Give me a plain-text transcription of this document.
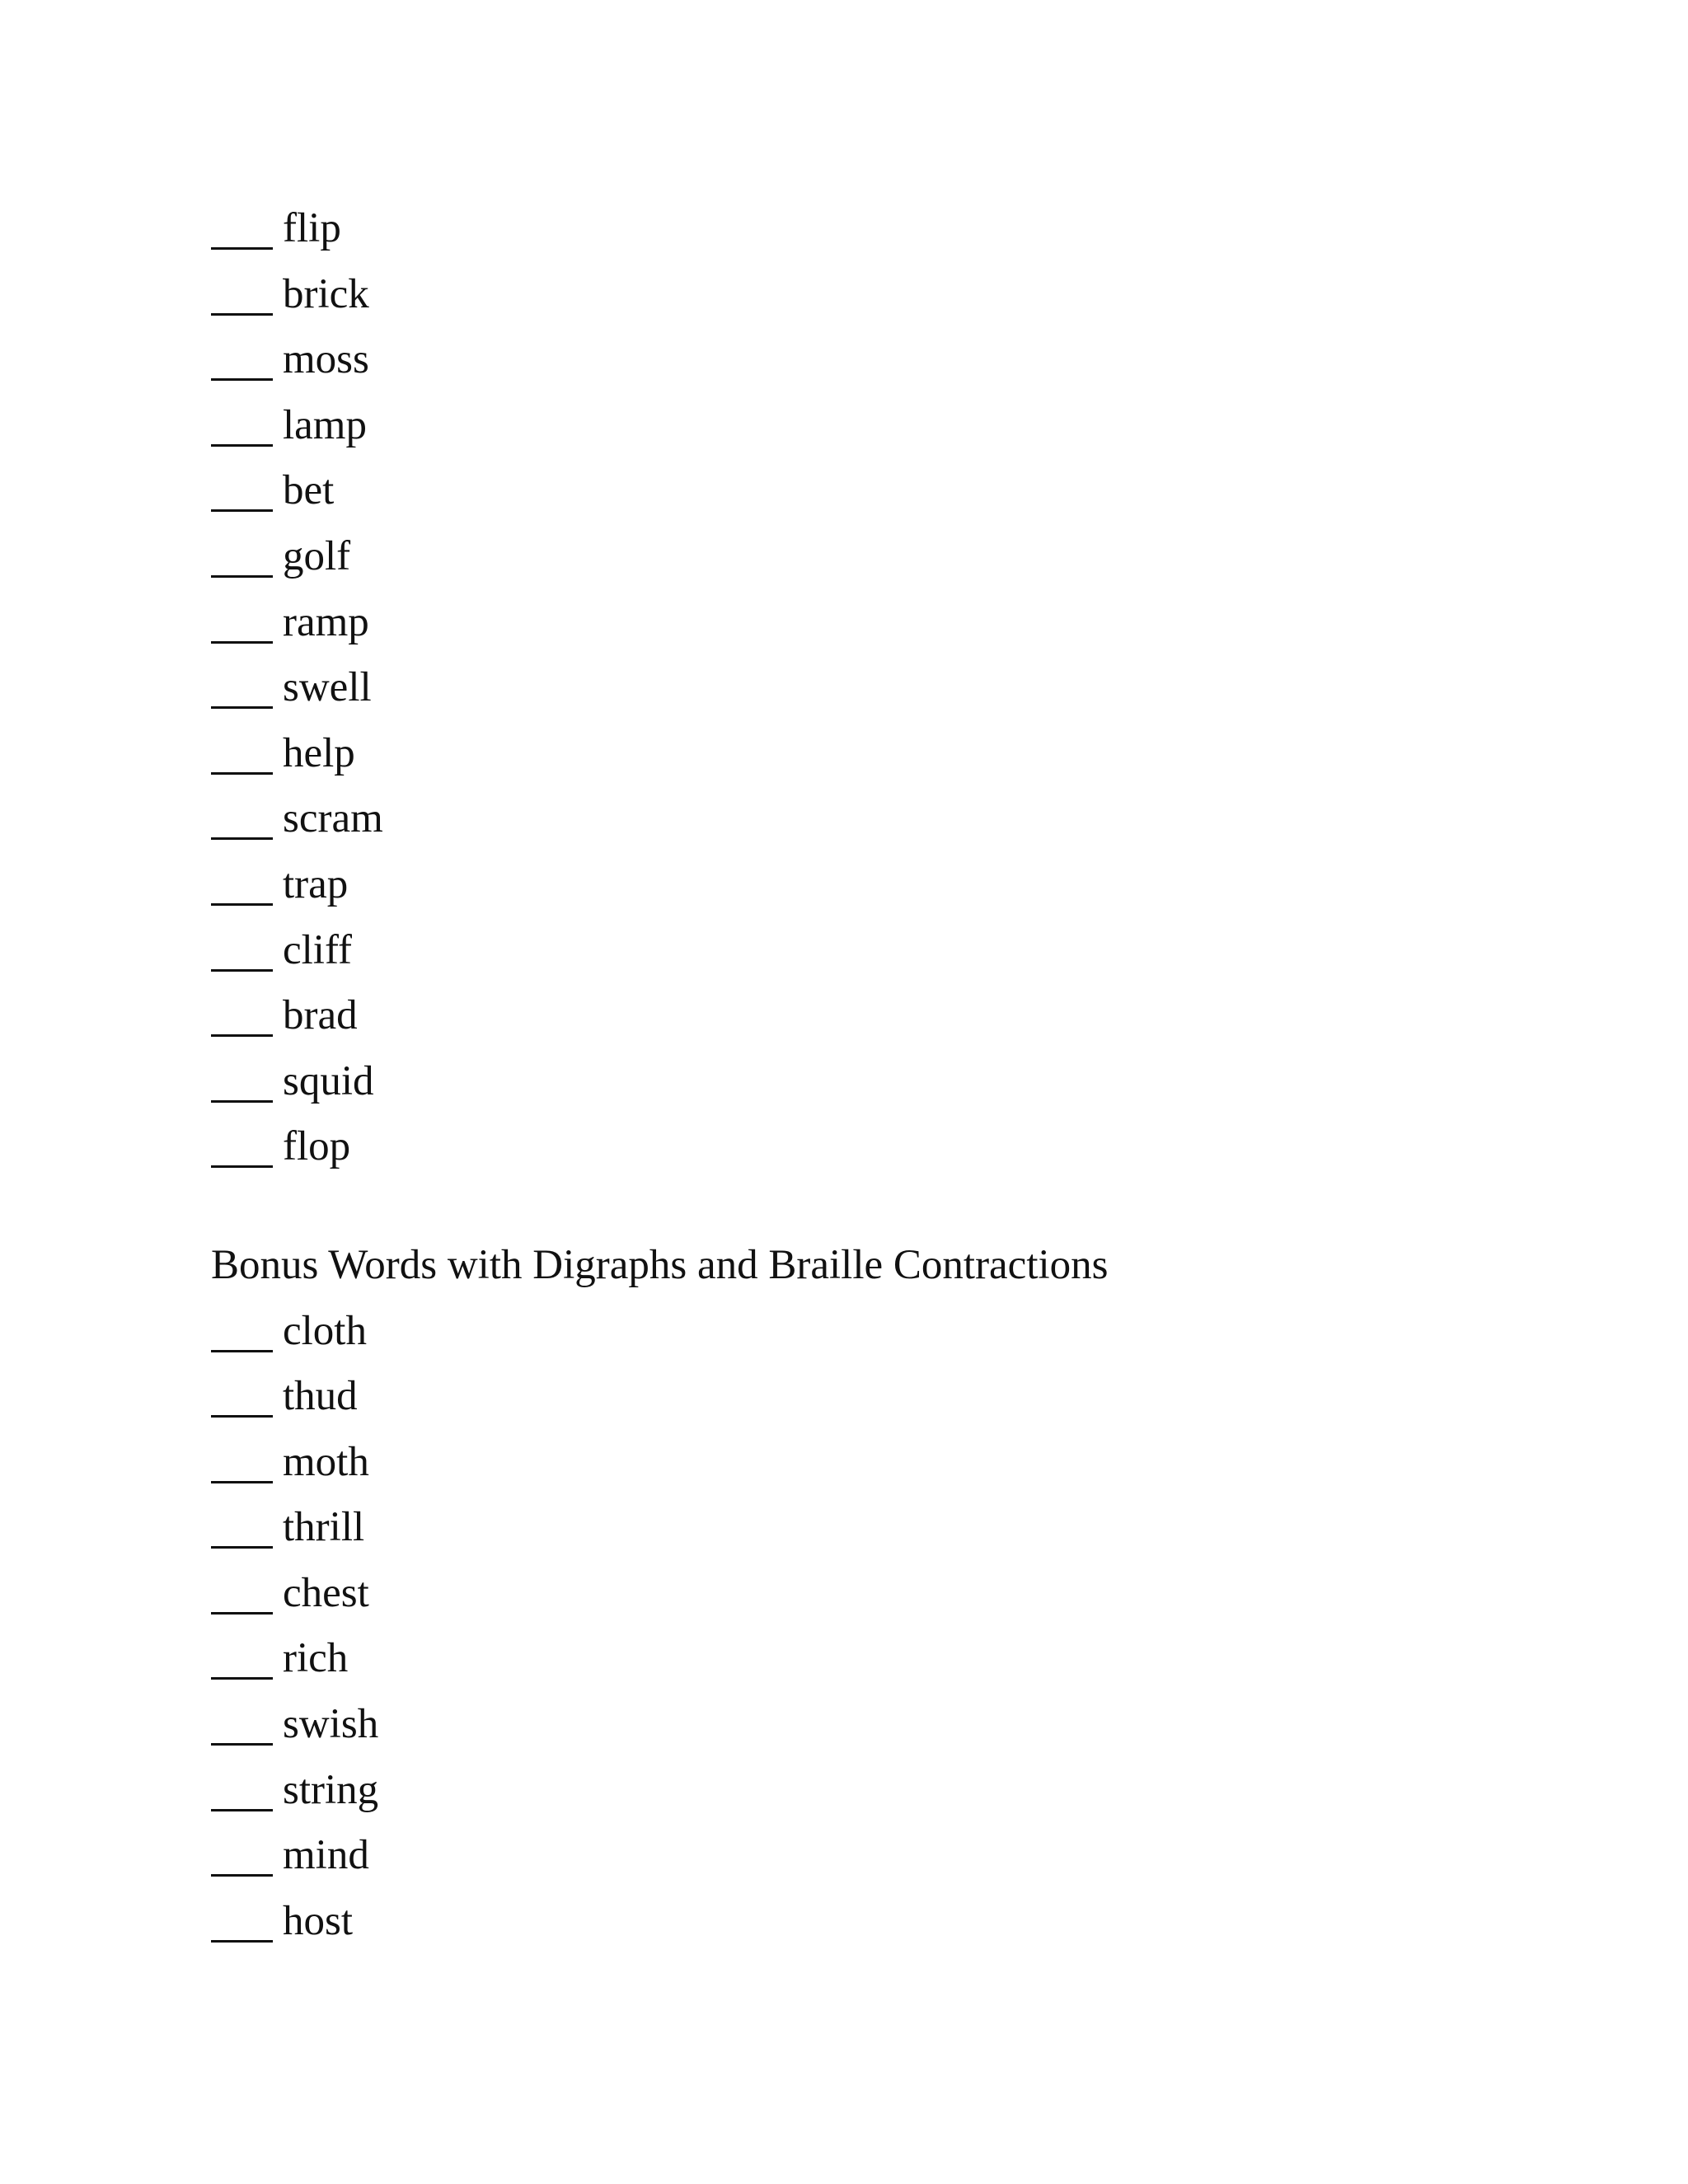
flip
brick
moss
lamp
bet
golf
ramp
swell
help
scram
trap
cliff
brad
squid
flop
Bonus Words with Digraphs and Braille Contractions
cloth
thud
moth
thrill
chest
rich
swish
string
mind
host
